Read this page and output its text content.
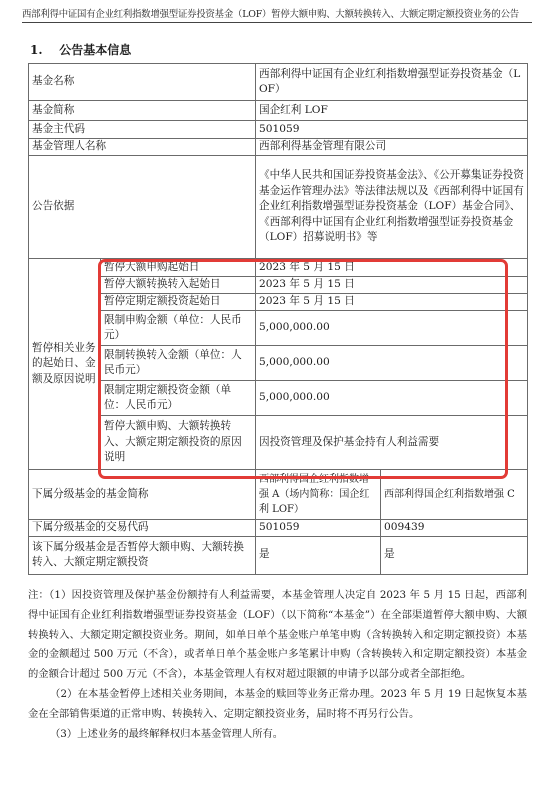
西部利得中证国有企业红利指数增强型证券投资基金（LOF）暂停大额申购、大额转换转入、大额定期定额投资业务的公告
1. 公告基本信息
基金名称		西部利得中证国有企业红利指数增强型证券投资基金（LOF）	
基金简称		国企红利 LOF	
基金主代码		501059	
基金管理人名称		西部利得基金管理有限公司	
公告依据		《中华人民共和国证券投资基金法》、《公开募集证券投资基金运作管理办法》等法律法规以及《西部利得中证国有企业红利指数增强型证券投资基金（LOF）基金合同》、《西部利得中证国有企业红利指数增强型证券投资基金（LOF）招募说明书》等	
暂停相关业务的起始日、金额及原因说明	暂停大额申购起始日	2023 年 5 月 15 日	
	暂停大额转换转入起始日	2023 年 5 月 15 日	
	暂停定期定额投资起始日	2023 年 5 月 15 日	
	限制申购金额（单位：人民币元）	5,000,000.00	
	限制转换转入金额（单位：人民币元）	5,000,000.00	
	限制定期定额投资金额（单位：人民币元）	5,000,000.00	
	暂停大额申购、大额转换转入、大额定期定额投资的原因说明	因投资管理及保护基金持有人利益需要	
下属分级基金的基金简称		西部利得国企红利指数增强 A（场内简称：国企红利 LOF）	西部利得国企红利指数增强 C
下属分级基金的交易代码		501059	009439
该下属分级基金是否暂停大额申购、大额转换转入、大额定期定额投资		是	是

注：（1）因投资管理及保护基金份额持有人利益需要，本基金管理人决定自 2023 年 5 月 15 日起，西部利得中证国有企业红利指数增强型证券投资基金（LOF）（以下简称“本基金”）在全部渠道暂停大额申购、大额转换转入、大额定期定额投资业务。期间，如单日单个基金账户单笔申购（含转换转入和定期定额投资）本基金的金额超过 500 万元（不含），或者单日单个基金账户多笔累计申购（含转换转入和定期定额投资）本基金的金额合计超过 500 万元（不含），本基金管理人有权对超过限额的申请予以部分或者全部拒绝。

（2）在本基金暂停上述相关业务期间，本基金的赎回等业务正常办理。2023 年 5 月 19 日起恢复本基金在全部销售渠道的正常申购、转换转入、定期定额投资业务，届时将不再另行公告。

（3）上述业务的最终解释权归本基金管理人所有。
